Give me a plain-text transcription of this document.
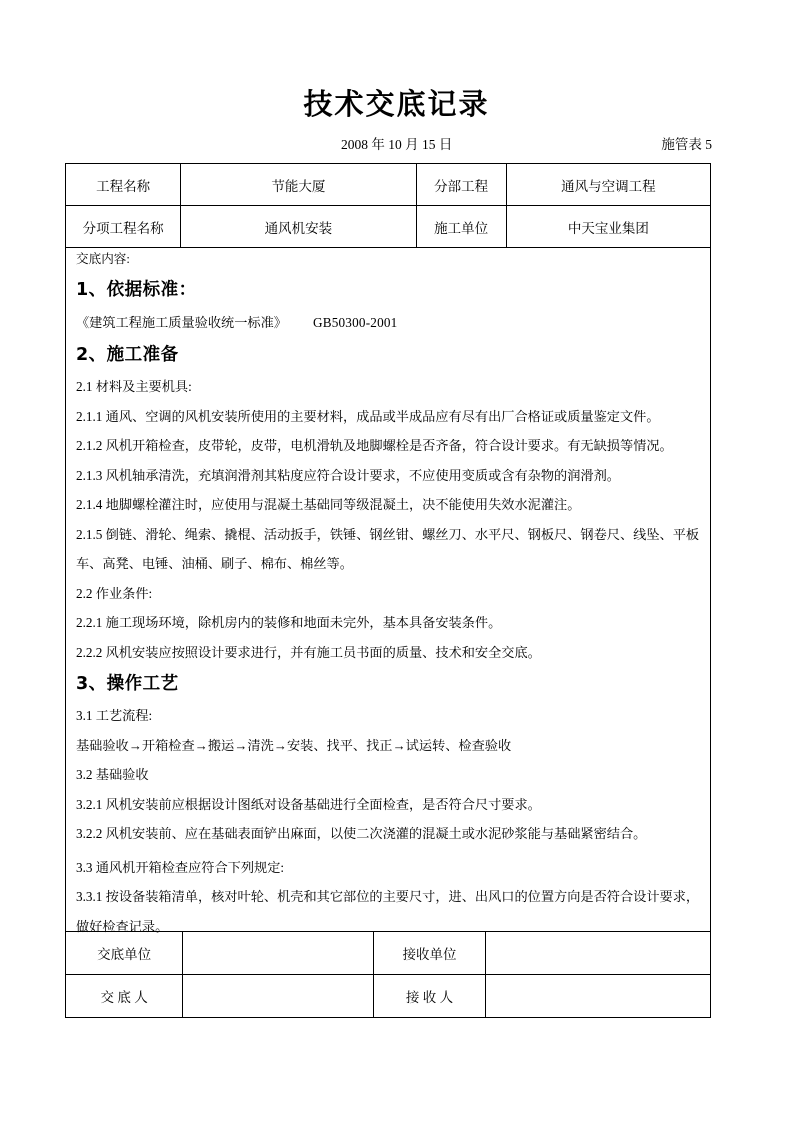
技术交底记录
2008 年 10 月 15 日	施管表 5
工程名称	节能大厦	分部工程	通风与空调工程
分项工程名称	通风机安装	施工单位	中天宝业集团
交底内容:
1、依据标准：
《建筑工程施工质量验收统一标准》 GB50300-2001
2、施工准备
2.1 材料及主要机具:
2.1.1 通风、空调的风机安装所使用的主要材料，成品或半成品应有尽有出厂合格证或质量鉴定文件。
2.1.2 风机开箱检查，皮带轮，皮带，电机滑轨及地脚螺栓是否齐备，符合设计要求。有无缺损等情况。
2.1.3 风机轴承清洗，充填润滑剂其粘度应符合设计要求，不应使用变质或含有杂物的润滑剂。
2.1.4 地脚螺栓灌注时，应使用与混凝土基础同等级混凝土，决不能使用失效水泥灌注。
2.1.5 倒链、滑轮、绳索、撬棍、活动扳手，铁锤、钢丝钳、螺丝刀、水平尺、钢板尺、钢卷尺、线坠、平板车、高凳、电锤、油桶、刷子、棉布、棉丝等。
2.2 作业条件:
2.2.1 施工现场环境，除机房内的装修和地面未完外，基本具备安装条件。
2.2.2 风机安装应按照设计要求进行，并有施工员书面的质量、技术和安全交底。
3、操作工艺
3.1 工艺流程:
基础验收→开箱检查→搬运→清洗→安装、找平、找正→试运转、检查验收
3.2 基础验收
3.2.1 风机安装前应根据设计图纸对设备基础进行全面检查，是否符合尺寸要求。
3.2.2 风机安装前、应在基础表面铲出麻面，以使二次浇灌的混凝土或水泥砂浆能与基础紧密结合。
3.3 通风机开箱检查应符合下列规定:
3.3.1 按设备装箱清单，核对叶轮、机壳和其它部位的主要尺寸，进、出风口的位置方向是否符合设计要求，做好检查记录。
交底单位		接收单位	
交 底 人		接 收 人	
